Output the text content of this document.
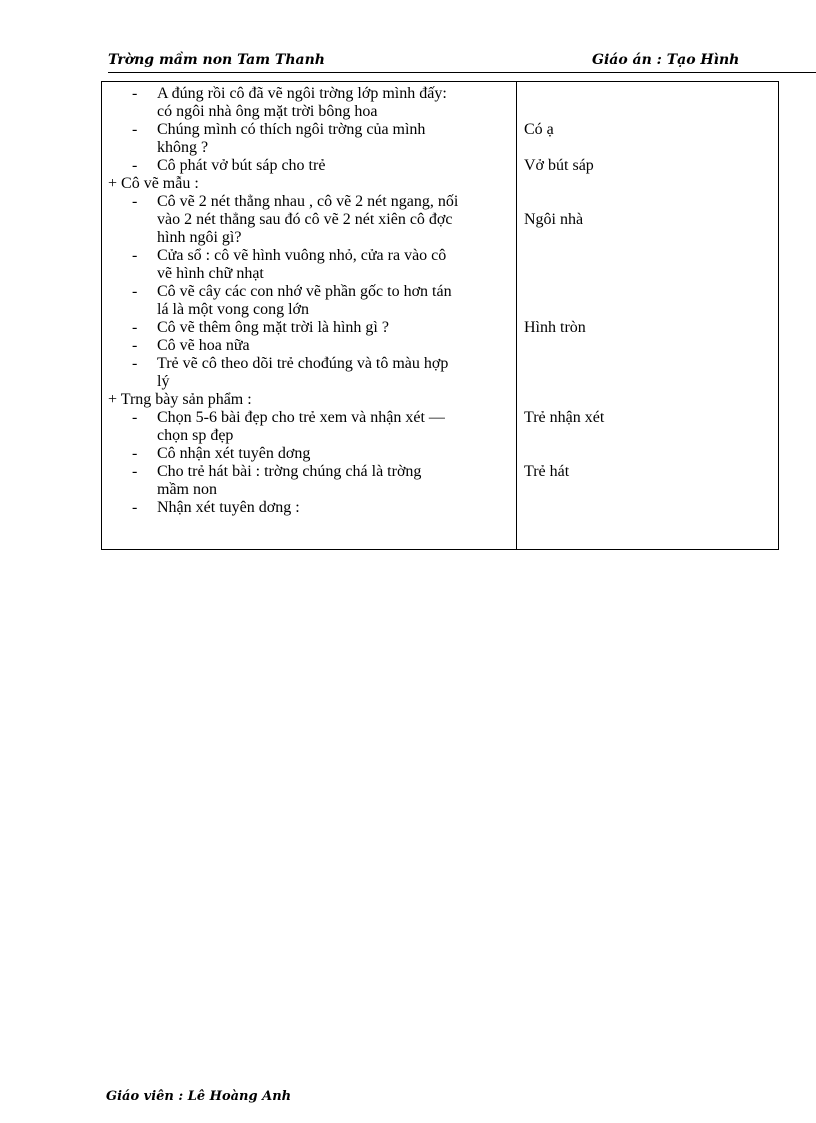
Trờng mầm non Tam Thanh	Giáo án : Tạo Hình
- A đúng rồi cô đã vẽ ngôi trờng lớp mình đấy:
có ngôi nhà ông mặt trời bông hoa
- Chúng mình có thích ngôi trờng của mình
không ?
- Cô phát vở bút sáp cho trẻ
+ Cô vẽ mẫu :
- Cô vẽ 2 nét thẳng nhau , cô vẽ 2 nét ngang, nối
vào 2 nét thẳng sau đó cô vẽ 2 nét xiên cô đợc
hình ngôi gì?
- Cửa sổ : cô vẽ hình vuông nhỏ, cửa ra vào cô
vẽ hình chữ nhạt
- Cô vẽ cây các con nhớ vẽ phần gốc to hơn tán
lá là một vong cong lớn
- Cô vẽ thêm ông mặt trời là hình gì ?
- Cô vẽ hoa nữa
- Trẻ vẽ cô theo dõi trẻ chođúng và tô màu hợp
lý
+ Trng bày sản phẩm :
- Chọn 5-6 bài đẹp cho trẻ xem và nhận xét —
chọn sp đẹp
- Cô nhận xét tuyên dơng
- Cho trẻ hát bài : trờng chúng chá là trờng
mầm non
- Nhận xét tuyên dơng :
Có ạ
Vở bút sáp
Ngôi nhà
Hình tròn
Trẻ nhận xét
Trẻ hát
Giáo viên : Lê Hoàng Anh
